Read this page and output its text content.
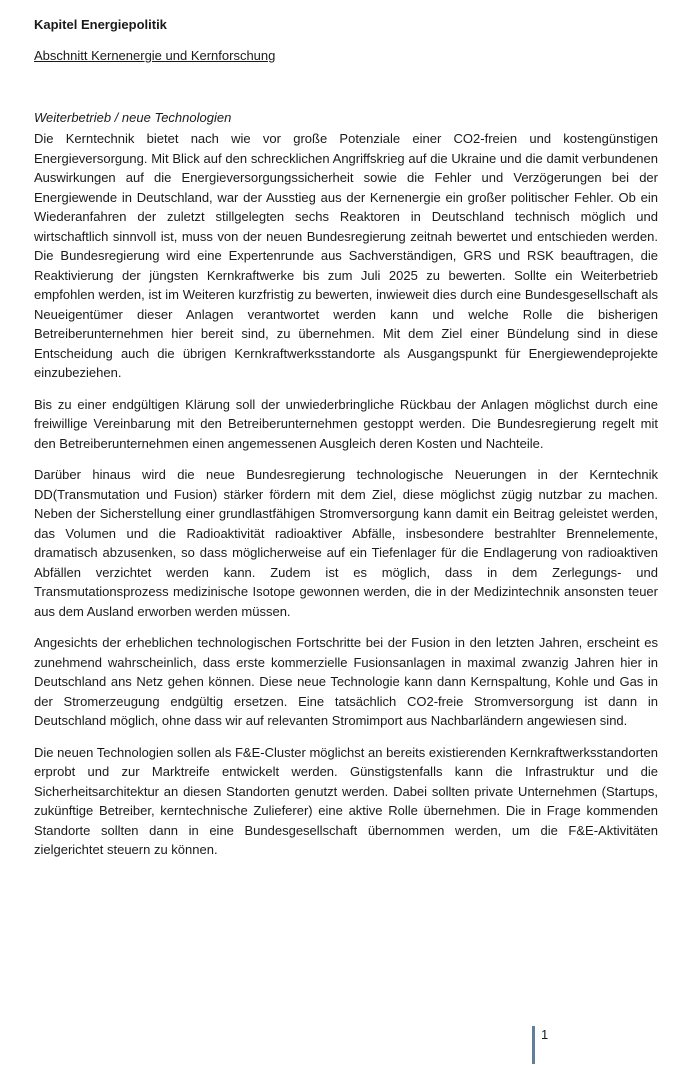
Kapitel Energiepolitik

Abschnitt Kernenergie und Kernforschung

Weiterbetrieb / neue Technologien

Die Kerntechnik bietet nach wie vor große Potenziale einer CO2-freien und kostengünstigen Energieversorgung. Mit Blick auf den schrecklichen Angriffskrieg auf die Ukraine und die damit verbundenen Auswirkungen auf die Energieversorgungssicherheit sowie die Fehler und Verzögerungen bei der Energiewende in Deutschland, war der Ausstieg aus der Kernenergie ein großer politischer Fehler. Ob ein Wiederanfahren der zuletzt stillgelegten sechs Reaktoren in Deutschland technisch möglich und wirtschaftlich sinnvoll ist, muss von der neuen Bundesregierung zeitnah bewertet und entschieden werden. Die Bundesregierung wird eine Expertenrunde aus Sachverständigen, GRS und RSK beauftragen, die Reaktivierung der jüngsten Kernkraftwerke bis zum Juli 2025 zu bewerten. Sollte ein Weiterbetrieb empfohlen werden, ist im Weiteren kurzfristig zu bewerten, inwieweit dies durch eine Bundesgesellschaft als Neueigentümer dieser Anlagen verantwortet werden kann und welche Rolle die bisherigen Betreiberunternehmen hier bereit sind, zu übernehmen. Mit dem Ziel einer Bündelung sind in diese Entscheidung auch die übrigen Kernkraftwerksstandorte als Ausgangspunkt für Energiewendeprojekte einzubeziehen.

Bis zu einer endgültigen Klärung soll der unwiederbringliche Rückbau der Anlagen möglichst durch eine freiwillige Vereinbarung mit den Betreiberunternehmen gestoppt werden. Die Bundesregierung regelt mit den Betreiberunternehmen einen angemessenen Ausgleich deren Kosten und Nachteile.

Darüber hinaus wird die neue Bundesregierung technologische Neuerungen in der Kerntechnik DD(Transmutation und Fusion) stärker fördern mit dem Ziel, diese möglichst zügig nutzbar zu machen. Neben der Sicherstellung einer grundlastfähigen Stromversorgung kann damit ein Beitrag geleistet werden, das Volumen und die Radioaktivität radioaktiver Abfälle, insbesondere bestrahlter Brennelemente, dramatisch abzusenken, so dass möglicherweise auf ein Tiefenlager für die Endlagerung von radioaktiven Abfällen verzichtet werden kann. Zudem ist es möglich, dass in dem Zerlegungs- und Transmutationsprozess medizinische Isotope gewonnen werden, die in der Medizintechnik ansonsten teuer aus dem Ausland erworben werden müssen.

Angesichts der erheblichen technologischen Fortschritte bei der Fusion in den letzten Jahren, erscheint es zunehmend wahrscheinlich, dass erste kommerzielle Fusionsanlagen in maximal zwanzig Jahren hier in Deutschland ans Netz gehen können. Diese neue Technologie kann dann Kernspaltung, Kohle und Gas in der Stromerzeugung endgültig ersetzen. Eine tatsächlich CO2-freie Stromversorgung ist dann in Deutschland möglich, ohne dass wir auf relevanten Stromimport aus Nachbarländern angewiesen sind.

Die neuen Technologien sollen als F&E-Cluster möglichst an bereits existierenden Kernkraftwerksstandorten erprobt und zur Marktreife entwickelt werden. Günstigstenfalls kann die Infrastruktur und die Sicherheitsarchitektur an diesen Standorten genutzt werden. Dabei sollten private Unternehmen (Startups, zukünftige Betreiber, kerntechnische Zulieferer) eine aktive Rolle übernehmen. Die in Frage kommenden Standorte sollten dann in eine Bundesgesellschaft übernommen werden, um die F&E-Aktivitäten zielgerichtet steuern zu können.

1
